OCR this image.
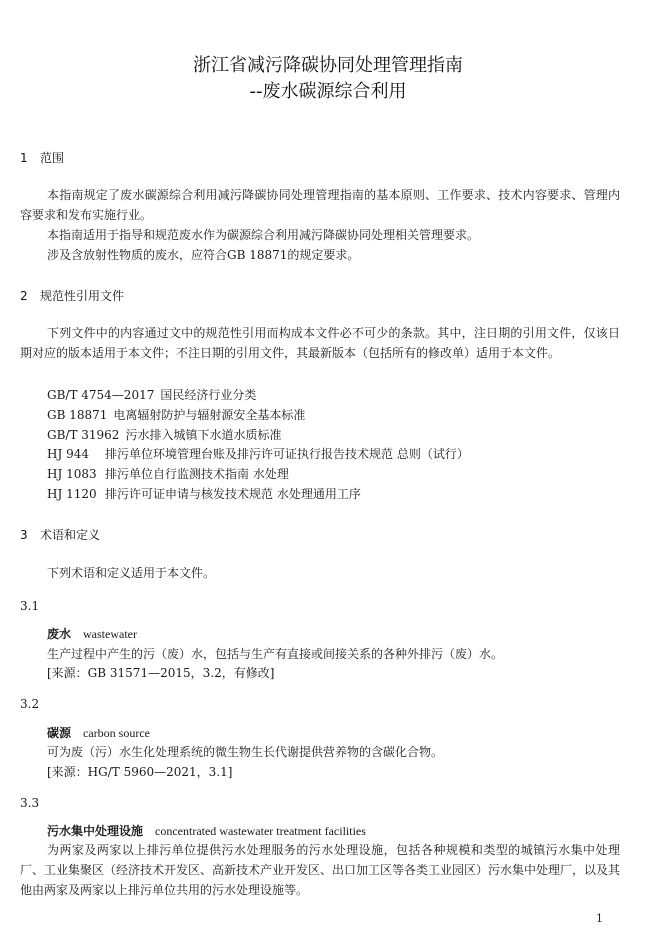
浙江省减污降碳协同处理管理指南
--废水碳源综合利用
1 范围
本指南规定了废水碳源综合利用减污降碳协同处理管理指南的基本原则、工作要求、技术内容要求、管理内容要求和发布实施行业。
本指南适用于指导和规范废水作为碳源综合利用减污降碳协同处理相关管理要求。
涉及含放射性物质的废水，应符合GB 18871的规定要求。
2 规范性引用文件
下列文件中的内容通过文中的规范性引用而构成本文件必不可少的条款。其中，注日期的引用文件，仅该日期对应的版本适用于本文件；不注日期的引用文件，其最新版本（包括所有的修改单）适用于本文件。
GB/T 4754—2017 国民经济行业分类
GB 18871 电离辐射防护与辐射源安全基本标准
GB/T 31962 污水排入城镇下水道水质标准
HJ 944 排污单位环境管理台账及排污许可证执行报告技术规范 总则（试行）
HJ 1083 排污单位自行监测技术指南 水处理
HJ 1120 排污许可证申请与核发技术规范 水处理通用工序
3 术语和定义
下列术语和定义适用于本文件。
3.1
废水 wastewater
生产过程中产生的污（废）水，包括与生产有直接或间接关系的各种外排污（废）水。
[来源：GB 31571—2015，3.2，有修改]
3.2
碳源 carbon source
可为废（污）水生化处理系统的微生物生长代谢提供营养物的含碳化合物。
[来源：HG/T 5960—2021，3.1]
3.3
污水集中处理设施 concentrated wastewater treatment facilities
为两家及两家以上排污单位提供污水处理服务的污水处理设施，包括各种规模和类型的城镇污水集中处理厂、工业集聚区（经济技术开发区、高新技术产业开发区、出口加工区等各类工业园区）污水集中处理厂，以及其他由两家及两家以上排污单位共用的污水处理设施等。
1
